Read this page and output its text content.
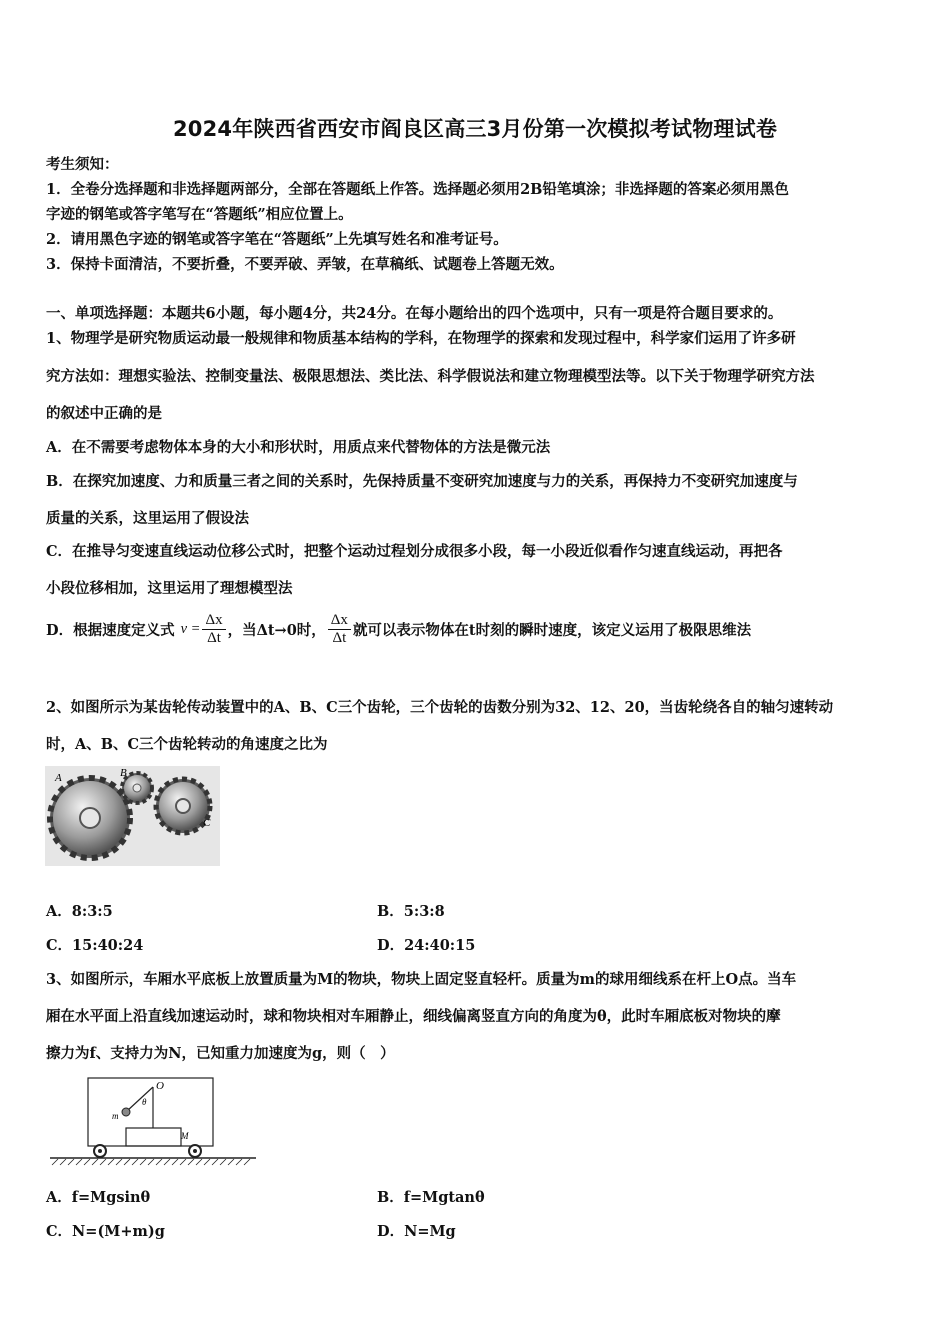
2024年陕西省西安市阎良区高三3月份第一次模拟考试物理试卷
考生须知：
1．全卷分选择题和非选择题两部分，全部在答题纸上作答。选择题必须用2B铅笔填涂；非选择题的答案必须用黑色
字迹的钢笔或答字笔写在“答题纸”相应位置上。
2．请用黑色字迹的钢笔或答字笔在“答题纸”上先填写姓名和准考证号。
3．保持卡面清洁，不要折叠，不要弄破、弄皱，在草稿纸、试题卷上答题无效。
一、单项选择题：本题共6小题，每小题4分，共24分。在每小题给出的四个选项中，只有一项是符合题目要求的。
1、物理学是研究物质运动最一般规律和物质基本结构的学科，在物理学的探索和发现过程中，科学家们运用了许多研
究方法如：理想实验法、控制变量法、极限思想法、类比法、科学假说法和建立物理模型法等。以下关于物理学研究方法
的叙述中正确的是
A．在不需要考虑物体本身的大小和形状时，用质点来代替物体的方法是微元法
B．在探究加速度、力和质量三者之间的关系时，先保持质量不变研究加速度与力的关系，再保持力不变研究加速度与
质量的关系，这里运用了假设法
C．在推导匀变速直线运动位移公式时，把整个运动过程划分成很多小段，每一小段近似看作匀速直线运动，再把各
小段位移相加，这里运用了理想模型法
D．根据速度定义式 $v = \frac{\Delta x}{\Delta t}$ ，当Δt→0时， $\frac{\Delta x}{\Delta t}$ 就可以表示物体在t时刻的瞬时速度，该定义运用了极限思维法
2、如图所示为某齿轮传动装置中的A、B、C三个齿轮，三个齿轮的齿数分别为32、12、20，当齿轮绕各自的轴匀速转动
时，A、B、C三个齿轮转动的角速度之比为
A	B
C
A．8:3:5	B．5:3:8
C．15:40:24	D．24:40:15
3、如图所示，车厢水平底板上放置质量为M的物块，物块上固定竖直轻杆。质量为m的球用细线系在杆上O点。当车
厢在水平面上沿直线加速运动时，球和物块相对车厢静止，细线偏离竖直方向的角度为θ，此时车厢底板对物块的摩
擦力为f、支持力为N，已知重力加速度为g，则（　）
O
θ
m
M
A．f=Mgsinθ	B．f=Mgtanθ
C．N=(M+m)g	D．N=Mg
